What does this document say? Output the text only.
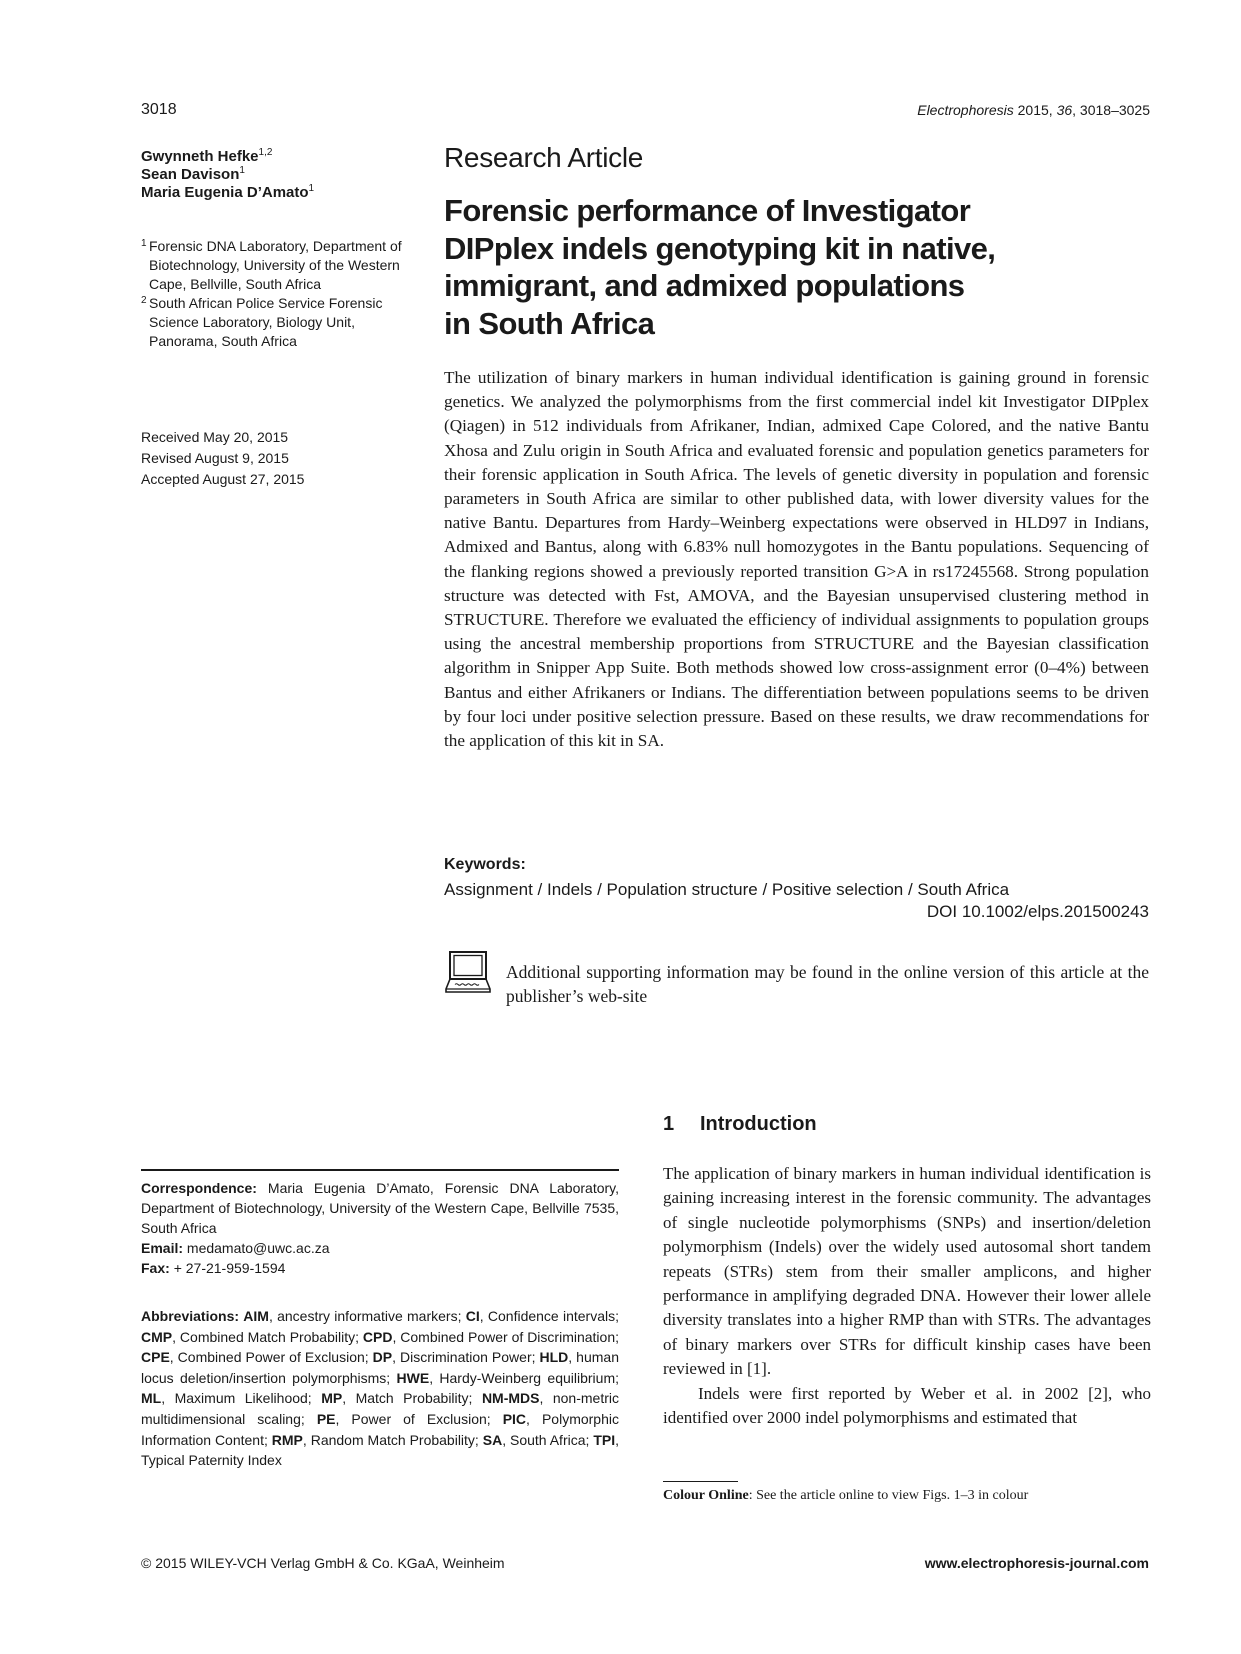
3018	Electrophoresis 2015, 36, 3018–3025
Gwynneth Hefke$^{1,2}$
Sean Davison$^1$
Maria Eugenia D’Amato$^1$
1 Forensic DNA Laboratory, Department of Biotechnology, University of the Western Cape, Bellville, South Africa
2 South African Police Service Forensic Science Laboratory, Biology Unit, Panorama, South Africa
Received May 20, 2015
Revised August 9, 2015
Accepted August 27, 2015
Research Article
Forensic performance of Investigator
DIPplex indels genotyping kit in native,
immigrant, and admixed populations
in South Africa

The utilization of binary markers in human individual identification is gaining ground in forensic genetics. We analyzed the polymorphisms from the first commercial indel kit Investigator DIPplex (Qiagen) in 512 individuals from Afrikaner, Indian, admixed Cape Colored, and the native Bantu Xhosa and Zulu origin in South Africa and evaluated forensic and population genetics parameters for their forensic application in South Africa. The levels of genetic diversity in population and forensic parameters in South Africa are similar to other published data, with lower diversity values for the native Bantu. Departures from Hardy–Weinberg expectations were observed in HLD97 in Indians, Admixed and Bantus, along with 6.83% null homozygotes in the Bantu populations. Sequencing of the flanking regions showed a previously reported transition G>A in rs17245568. Strong population structure was detected with Fst, AMOVA, and the Bayesian unsupervised clustering method in STRUCTURE. Therefore we evaluated the efficiency of individual assignments to population groups using the ancestral membership proportions from STRUCTURE and the Bayesian classification algorithm in Snipper App Suite. Both methods showed low cross-assignment error (0–4%) between Bantus and either Afrikaners or Indians. The differentiation between populations seems to be driven by four loci under positive selection pressure. Based on these results, we draw recommendations for the application of this kit in SA.

Keywords:
Assignment / Indels / Population structure / Positive selection / South Africa
DOI 10.1002/elps.201500243
Additional supporting information may be found in the online version of this article at the publisher’s web-site
Correspondence: Maria Eugenia D’Amato, Forensic DNA Laboratory, Department of Biotechnology, University of the Western Cape, Bellville 7535, South Africa
Email: medamato@uwc.ac.za
Fax: + 27-21-959-1594
Abbreviations: AIM, ancestry informative markers; CI, Confidence intervals; CMP, Combined Match Probability; CPD, Combined Power of Discrimination; CPE, Combined Power of Exclusion; DP, Discrimination Power; HLD, human locus deletion/insertion polymorphisms; HWE, Hardy-Weinberg equilibrium; ML, Maximum Likelihood; MP, Match Probability; NM-MDS, non-metric multidimensional scaling; PE, Power of Exclusion; PIC, Polymorphic Information Content; RMP, Random Match Probability; SA, South Africa; TPI, Typical Paternity Index
1 Introduction

The application of binary markers in human individual identification is gaining increasing interest in the forensic community. The advantages of single nucleotide polymorphisms (SNPs) and insertion/deletion polymorphism (Indels) over the widely used autosomal short tandem repeats (STRs) stem from their smaller amplicons, and higher performance in amplifying degraded DNA. However their lower allele diversity translates into a higher RMP than with STRs. The advantages of binary markers over STRs for difficult kinship cases have been reviewed in [1].

Indels were first reported by Weber et al. in 2002 [2], who identified over 2000 indel polymorphisms and estimated that

Colour Online: See the article online to view Figs. 1–3 in colour
© 2015 WILEY-VCH Verlag GmbH & Co. KGaA, Weinheim	www.electrophoresis-journal.com
